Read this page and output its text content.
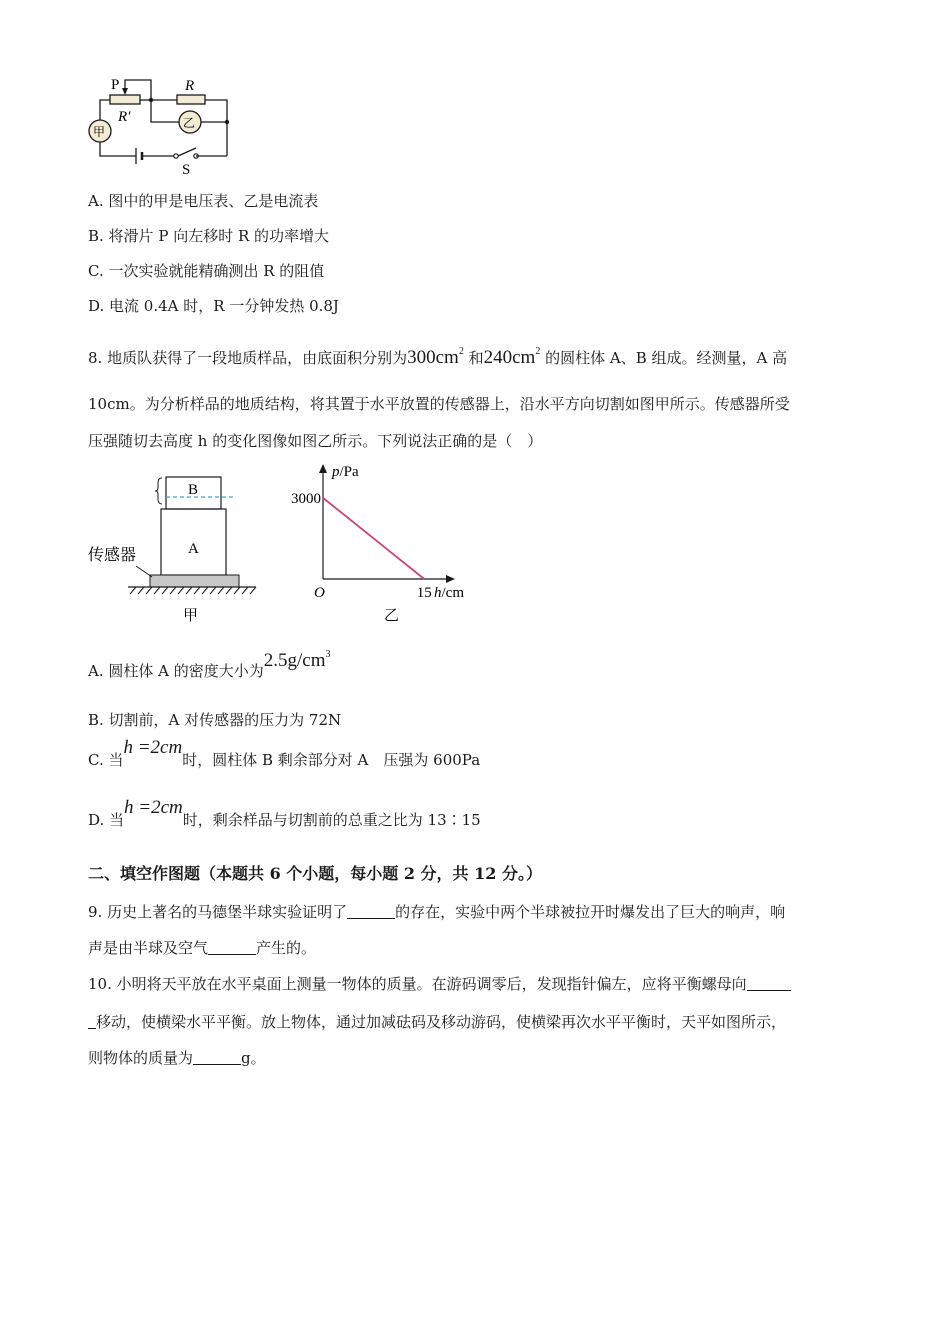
P	R
R′
甲
乙
S
A. 图中的甲是电压表、乙是电流表
B. 将滑片 P 向左移时 R 的功率增大
C. 一次实验就能精确测出 R 的阻值
D. 电流 0.4A 时，R 一分钟发热 0.8J
8. 地质队获得了一段地质样品，由底面积分别为$300cm^2$ 和$240cm^2$ 的圆柱体 A、B 组成。经测量，A 高
10cm。为分析样品的地质结构，将其置于水平放置的传感器上，沿水平方向切割如图甲所示。传感器所受
压强随切去高度 h 的变化图像如图乙所示。下列说法正确的是（　）
B
A
传感器
甲
3000
15
O
p/Pa
h/cm
乙
A. 圆柱体 A 的密度大小为$2.5g/cm^3$
B. 切割前，A 对传感器的压力为 72N
C. 当h =2cm时，圆柱体 B 剩余部分对 A　压强为 600Pa
D. 当h =2cm时，剩余样品与切割前的总重之比为 13∶15
二、填空作图题（本题共 6 个小题，每小题 2 分，共 12 分。）
9. 历史上著名的马德堡半球实验证明了	的存在，实验中两个半球被拉开时爆发出了巨大的响声，响
声是由半球及空气	产生的。
10. 小明将天平放在水平桌面上测量一物体的质量。在游码调零后，发现指针偏左，应将平衡螺母向
移动，使横梁水平平衡。放上物体，通过加减砝码及移动游码，使横梁再次水平平衡时，天平如图所示，
则物体的质量为	g。
